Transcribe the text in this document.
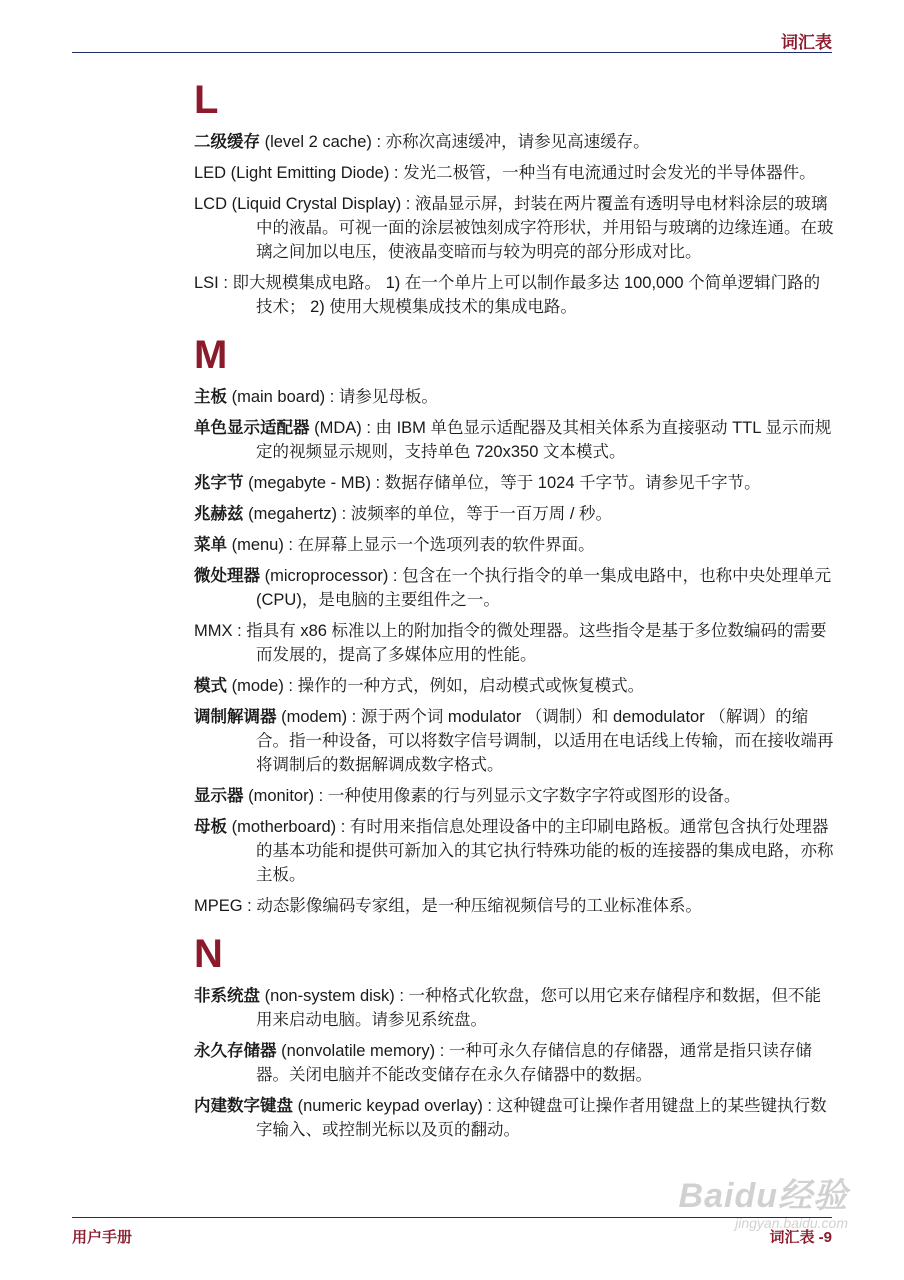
词汇表
L
二级缓存 (level 2 cache) : 亦称次高速缓冲，请参见高速缓存。
LED (Light Emitting Diode) : 发光二极管，一种当有电流通过时会发光的半导体器件。
LCD (Liquid Crystal Display) : 液晶显示屏，封装在两片覆盖有透明导电材料涂层的玻璃中的液晶。可视一面的涂层被蚀刻成字符形状，并用铅与玻璃的边缘连通。在玻璃之间加以电压，使液晶变暗而与较为明亮的部分形成对比。
LSI : 即大规模集成电路。 1) 在一个单片上可以制作最多达 100,000 个简单逻辑门路的技术； 2) 使用大规模集成技术的集成电路。
M
主板 (main board) : 请参见母板。
单色显示适配器 (MDA) : 由 IBM 单色显示适配器及其相关体系为直接驱动 TTL 显示而规定的视频显示规则，支持单色 720x350 文本模式。
兆字节 (megabyte - MB) : 数据存储单位，等于 1024 千字节。请参见千字节。
兆赫兹 (megahertz) : 波频率的单位，等于一百万周 / 秒。
菜单 (menu) : 在屏幕上显示一个选项列表的软件界面。
微处理器 (microprocessor) : 包含在一个执行指令的单一集成电路中，也称中央处理单元 (CPU)，是电脑的主要组件之一。
MMX : 指具有 x86 标准以上的附加指令的微处理器。这些指令是基于多位数编码的需要而发展的，提高了多媒体应用的性能。
模式 (mode) : 操作的一种方式，例如，启动模式或恢复模式。
调制解调器 (modem) : 源于两个词 modulator （调制）和 demodulator （解调）的缩合。指一种设备，可以将数字信号调制，以适用在电话线上传输，而在接收端再将调制后的数据解调成数字格式。
显示器 (monitor) : 一种使用像素的行与列显示文字数字字符或图形的设备。
母板 (motherboard) : 有时用来指信息处理设备中的主印刷电路板。通常包含执行处理器的基本功能和提供可新加入的其它执行特殊功能的板的连接器的集成电路，亦称主板。
MPEG : 动态影像编码专家组，是一种压缩视频信号的工业标准体系。
N
非系统盘 (non-system disk) : 一种格式化软盘，您可以用它来存储程序和数据，但不能用来启动电脑。请参见系统盘。
永久存储器 (nonvolatile memory) : 一种可永久存储信息的存储器，通常是指只读存储器。关闭电脑并不能改变储存在永久存储器中的数据。
内建数字键盘 (numeric keypad overlay) : 这种键盘可让操作者用键盘上的某些键执行数字输入、或控制光标以及页的翻动。
Baidu经验
jingyan.baidu.com
用户手册	词汇表 -9
